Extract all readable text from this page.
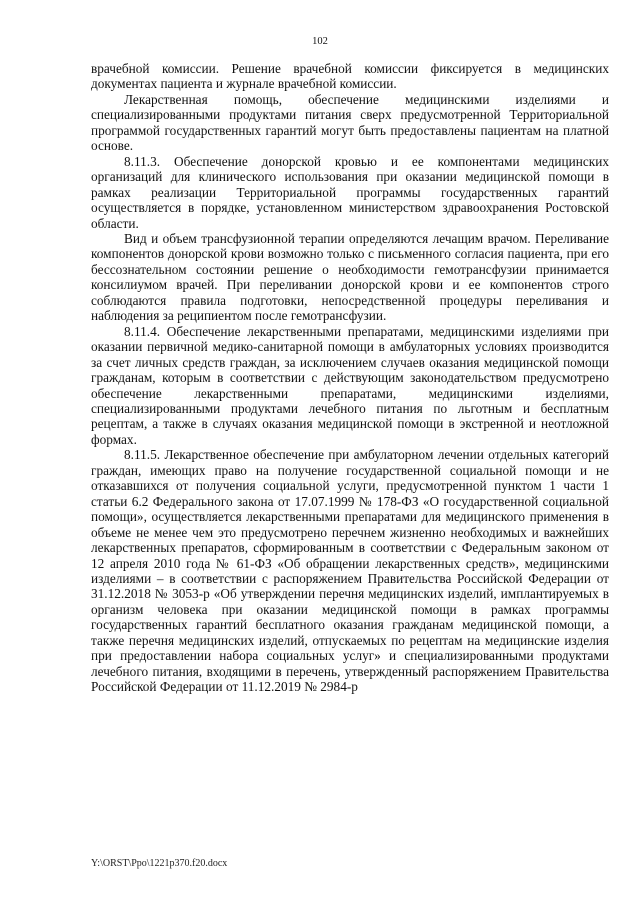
102

врачебной комиссии. Решение врачебной комиссии фиксируется в медицинских документах пациента и журнале врачебной комиссии.

Лекарственная помощь, обеспечение медицинскими изделиями и специализированными продуктами питания сверх предусмотренной Территориальной программой государственных гарантий могут быть предоставлены пациентам на платной основе.

8.11.3. Обеспечение донорской кровью и ее компонентами медицинских организаций для клинического использования при оказании медицинской помощи в рамках реализации Территориальной программы государственных гарантий осуществляется в порядке, установленном министерством здравоохранения Ростовской области.

Вид и объем трансфузионной терапии определяются лечащим врачом. Переливание компонентов донорской крови возможно только с письменного согласия пациента, при его бессознательном состоянии решение о необходимости гемотрансфузии принимается консилиумом врачей. При переливании донорской крови и ее компонентов строго соблюдаются правила подготовки, непосредственной процедуры переливания и наблюдения за реципиентом после гемотрансфузии.

8.11.4. Обеспечение лекарственными препаратами, медицинскими изделиями при оказании первичной медико-санитарной помощи в амбулаторных условиях производится за счет личных средств граждан, за исключением случаев оказания медицинской помощи гражданам, которым в соответствии с действующим законодательством предусмотрено обеспечение лекарственными препаратами, медицинскими изделиями, специализированными продуктами лечебного питания по льготным и бесплатным рецептам, а также в случаях оказания медицинской помощи в экстренной и неотложной формах.

8.11.5. Лекарственное обеспечение при амбулаторном лечении отдельных категорий граждан, имеющих право на получение государственной социальной помощи и не отказавшихся от получения социальной услуги, предусмотренной пунктом 1 части 1 статьи 6.2 Федерального закона от 17.07.1999 № 178-ФЗ «О государственной социальной помощи», осуществляется лекарственными препаратами для медицинского применения в объеме не менее чем это предусмотрено перечнем жизненно необходимых и важнейших лекарственных препаратов, сформированным в соответствии с Федеральным законом от 12 апреля 2010 года № 61-ФЗ «Об обращении лекарственных средств», медицинскими изделиями – в соответствии с распоряжением Правительства Российской Федерации от 31.12.2018 № 3053-р «Об утверждении перечня медицинских изделий, имплантируемых в организм человека при оказании медицинской помощи в рамках программы государственных гарантий бесплатного оказания гражданам медицинской помощи, а также перечня медицинских изделий, отпускаемых по рецептам на медицинские изделия при предоставлении набора социальных услуг» и специализированными продуктами лечебного питания, входящими в перечень, утвержденный распоряжением Правительства Российской Федерации от 11.12.2019 № 2984-р

Y:\ORST\Ppo\1221p370.f20.docx
